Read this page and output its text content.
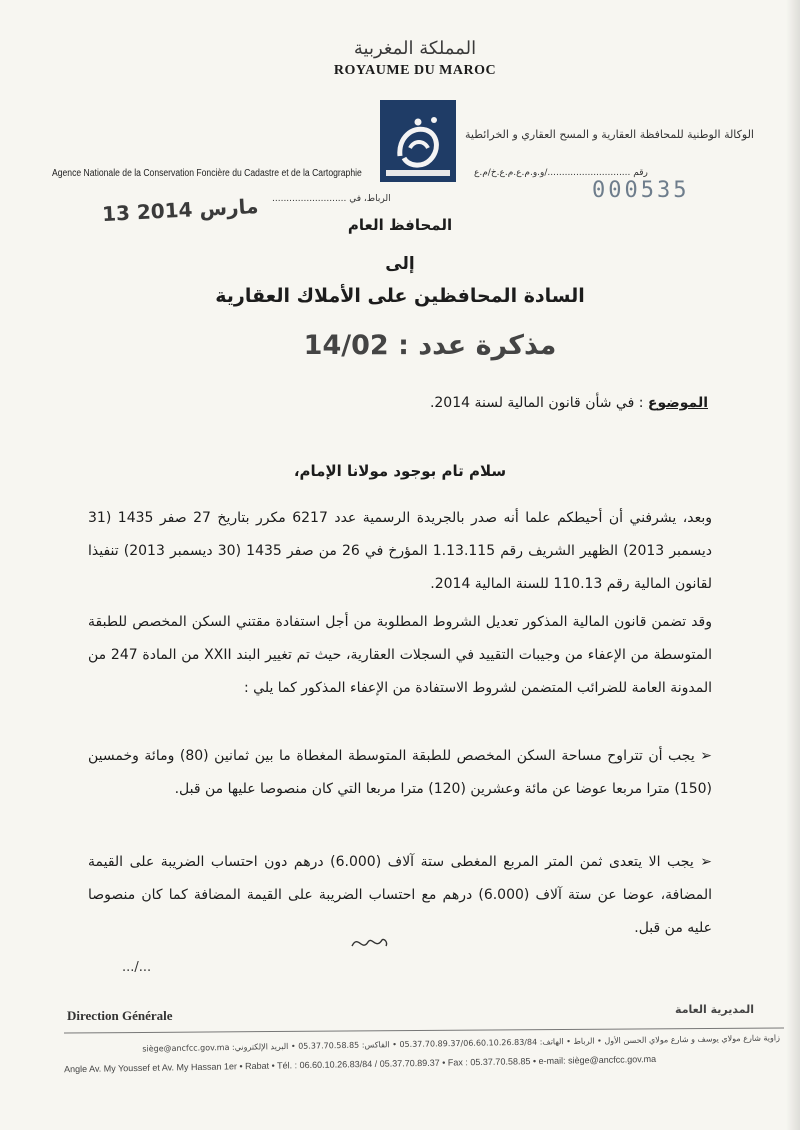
المملكة المغربية
ROYAUME DU MAROC
الوكالة الوطنية للمحافظة العقارية و المسح العقاري و الخرائطية
Agence Nationale de la Conservation Foncière du Cadastre et de la Cartographie
الرباط، في ..........................
رقم ............................./و.و.م.ع.م.ع.خ/م.ع
000535
13 مارس 2014
المحافظ العام
إلى
السادة المحافظين على الأملاك العقارية
مذكرة عدد : 14/02
الموضوع : في شأن قانون المالية لسنة 2014.
سلام تام بوجود مولانا الإمام،
وبعد، يشرفني أن أحيطكم علما أنه صدر بالجريدة الرسمية عدد 6217 مكرر بتاريخ 27 صفر 1435 (31 ديسمبر 2013) الظهير الشريف رقم 1.13.115 المؤرخ في 26 من صفر 1435 (30 ديسمبر 2013) تنفيذا لقانون المالية رقم 110.13 للسنة المالية 2014.
وقد تضمن قانون المالية المذكور تعديل الشروط المطلوبة من أجل استفادة مقتني السكن المخصص للطبقة المتوسطة من الإعفاء من وجيبات التقييد في السجلات العقارية، حيث تم تغيير البند XXII من المادة 247 من المدونة العامة للضرائب المتضمن لشروط الاستفادة من الإعفاء المذكور كما يلي :
➢ يجب أن تتراوح مساحة السكن المخصص للطبقة المتوسطة المغطاة ما بين ثمانين (80) ومائة وخمسين (150) مترا مربعا عوضا عن مائة وعشرين (120) مترا مربعا التي كان منصوصا عليها من قبل.
➢ يجب الا يتعدى ثمن المتر المربع المغطى ستة آلاف (6.000) درهم دون احتساب الضريبة على القيمة المضافة، عوضا عن ستة آلاف (6.000) درهم مع احتساب الضريبة على القيمة المضافة كما كان منصوصا عليه من قبل.
.../...
Direction Générale	المديرية العامة
زاوية شارع مولاي يوسف و شارع مولاي الحسن الأول • الرباط • الهاتف: 05.37.70.89.37/06.60.10.26.83/84 • الفاكس: 05.37.70.58.85 • البريد الإلكتروني: siège@ancfcc.gov.ma
Angle Av. My Youssef et Av. My Hassan 1er • Rabat • Tél. : 06.60.10.26.83/84 / 05.37.70.89.37 • Fax : 05.37.70.58.85 • e-mail: siège@ancfcc.gov.ma
